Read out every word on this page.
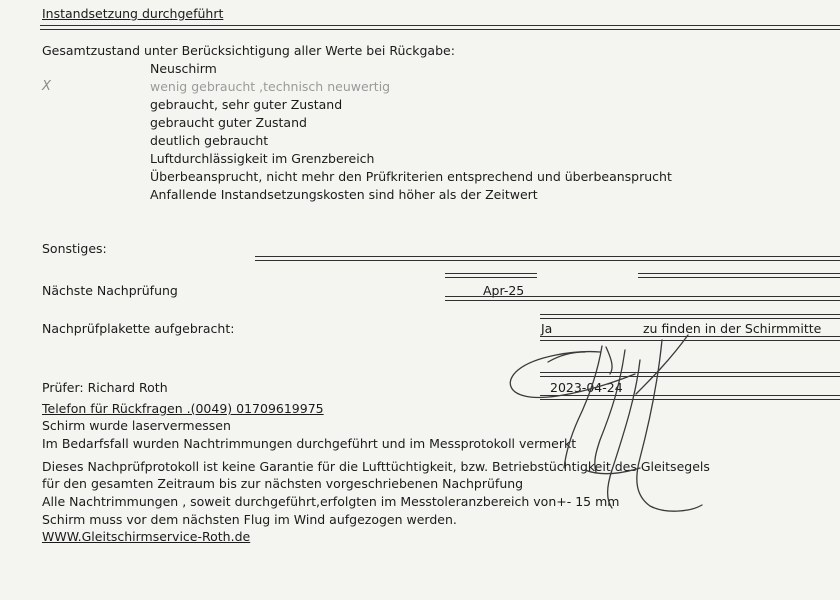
Instandsetzung durchgeführt
Gesamtzustand unter Berücksichtigung aller Werte bei Rückgabe:
X
Neuschirm
wenig gebraucht ,technisch neuwertig
gebraucht, sehr guter Zustand
gebraucht guter Zustand
deutlich gebraucht
Luftdurchlässigkeit im Grenzbereich
Überbeansprucht, nicht mehr den Prüfkriterien entsprechend und überbeansprucht
Anfallende Instandsetzungskosten sind höher als der Zeitwert
Sonstiges:
Nächste Nachprüfung	Apr-25
Nachprüfplakette aufgebracht:	Ja	zu finden in der Schirmmitte
Prüfer: Richard Roth	2023-04-24
Telefon für Rückfragen .(0049) 01709619975
Schirm wurde laservermessen
Im Bedarfsfall wurden Nachtrimmungen durchgeführt und im Messprotokoll vermerkt
Dieses Nachprüfprotokoll ist keine Garantie für die Lufttüchtigkeit, bzw. Betriebstüchtigkeit des Gleitsegels
für den gesamten Zeitraum bis zur nächsten vorgeschriebenen Nachprüfung
Alle Nachtrimmungen , soweit durchgeführt,erfolgten im Messtoleranzbereich von+- 15 mm
Schirm muss vor dem nächsten Flug im Wind aufgezogen werden.
WWW.Gleitschirmservice-Roth.de
